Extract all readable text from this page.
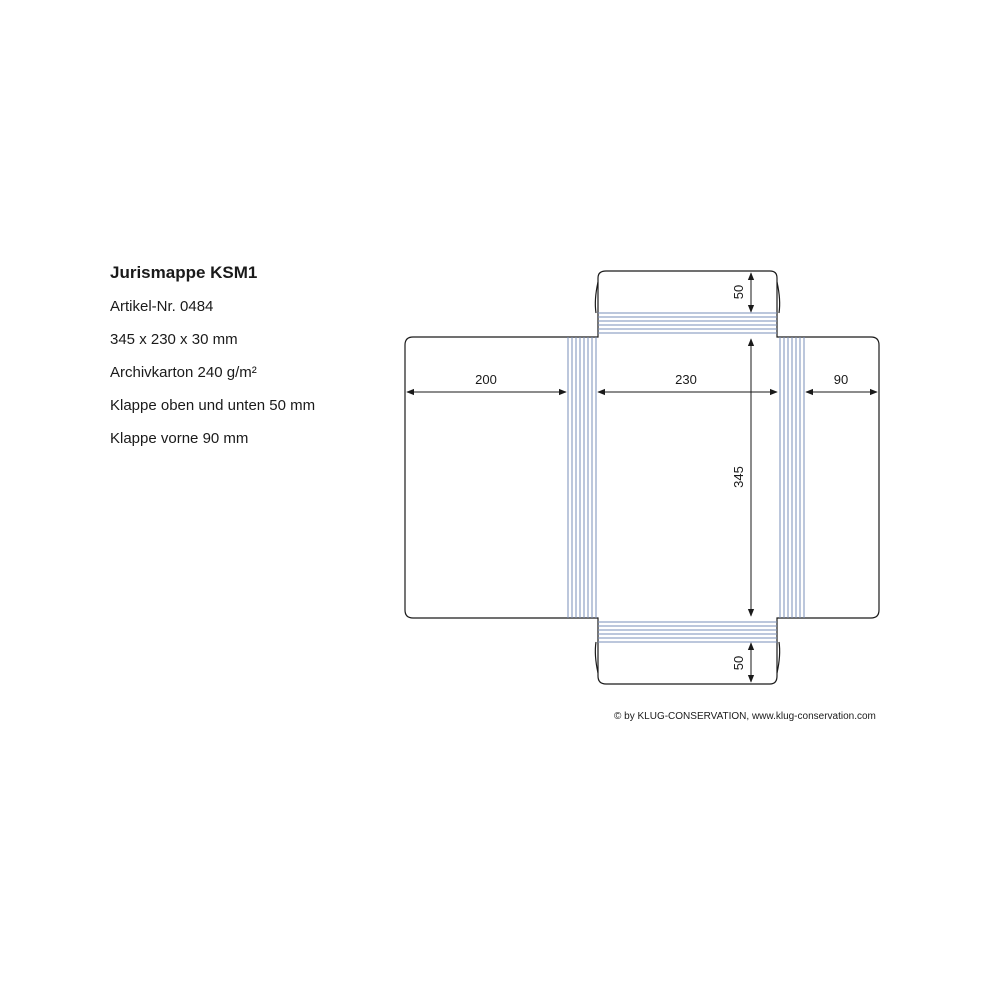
Jurismappe KSM1
Artikel-Nr. 0484
345 x 230 x 30 mm
Archivkarton 240 g/m²
Klappe oben und unten 50 mm
Klappe vorne 90 mm
200	230	90
345
50
50
© by KLUG-CONSERVATION, www.klug-conservation.com
